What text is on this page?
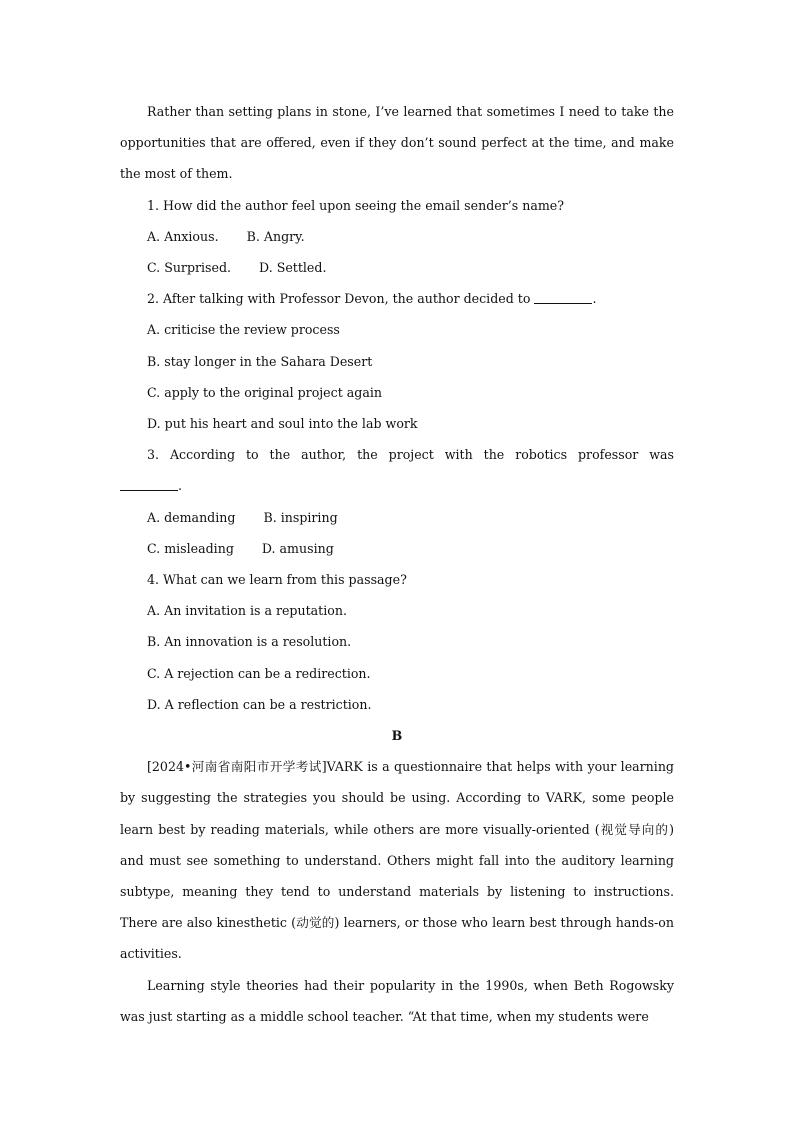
Rather than setting plans in stone, I’ve learned that sometimes I need to take the opportunities that are offered, even if they don’t sound perfect at the time, and make the most of them.

1. How did the author feel upon seeing the email sender’s name?

A. Anxious. B. Angry.

C. Surprised. D. Settled.

2. After talking with Professor Devon, the author decided to	.

A. criticise the review process

B. stay longer in the Sahara Desert

C. apply to the original project again

D. put his heart and soul into the lab work

3. According to the author, the project with the robotics professor was .

A. demanding B. inspiring

C. misleading D. amusing

4. What can we learn from this passage?

A. An invitation is a reputation.

B. An innovation is a resolution.

C. A rejection can be a redirection.

D. A reflection can be a restriction.

B

[2024•河南省南阳市开学考试]VARK is a questionnaire that helps with your learning by suggesting the strategies you should be using. According to VARK, some people learn best by reading materials, while others are more visually-oriented (视觉导向的) and must see something to understand. Others might fall into the auditory learning subtype, meaning they tend to understand materials by listening to instructions. There are also kinesthetic (动觉的) learners, or those who learn best through hands-on activities.

Learning style theories had their popularity in the 1990s, when Beth Rogowsky was just starting as a middle school teacher. “At that time, when my students were
